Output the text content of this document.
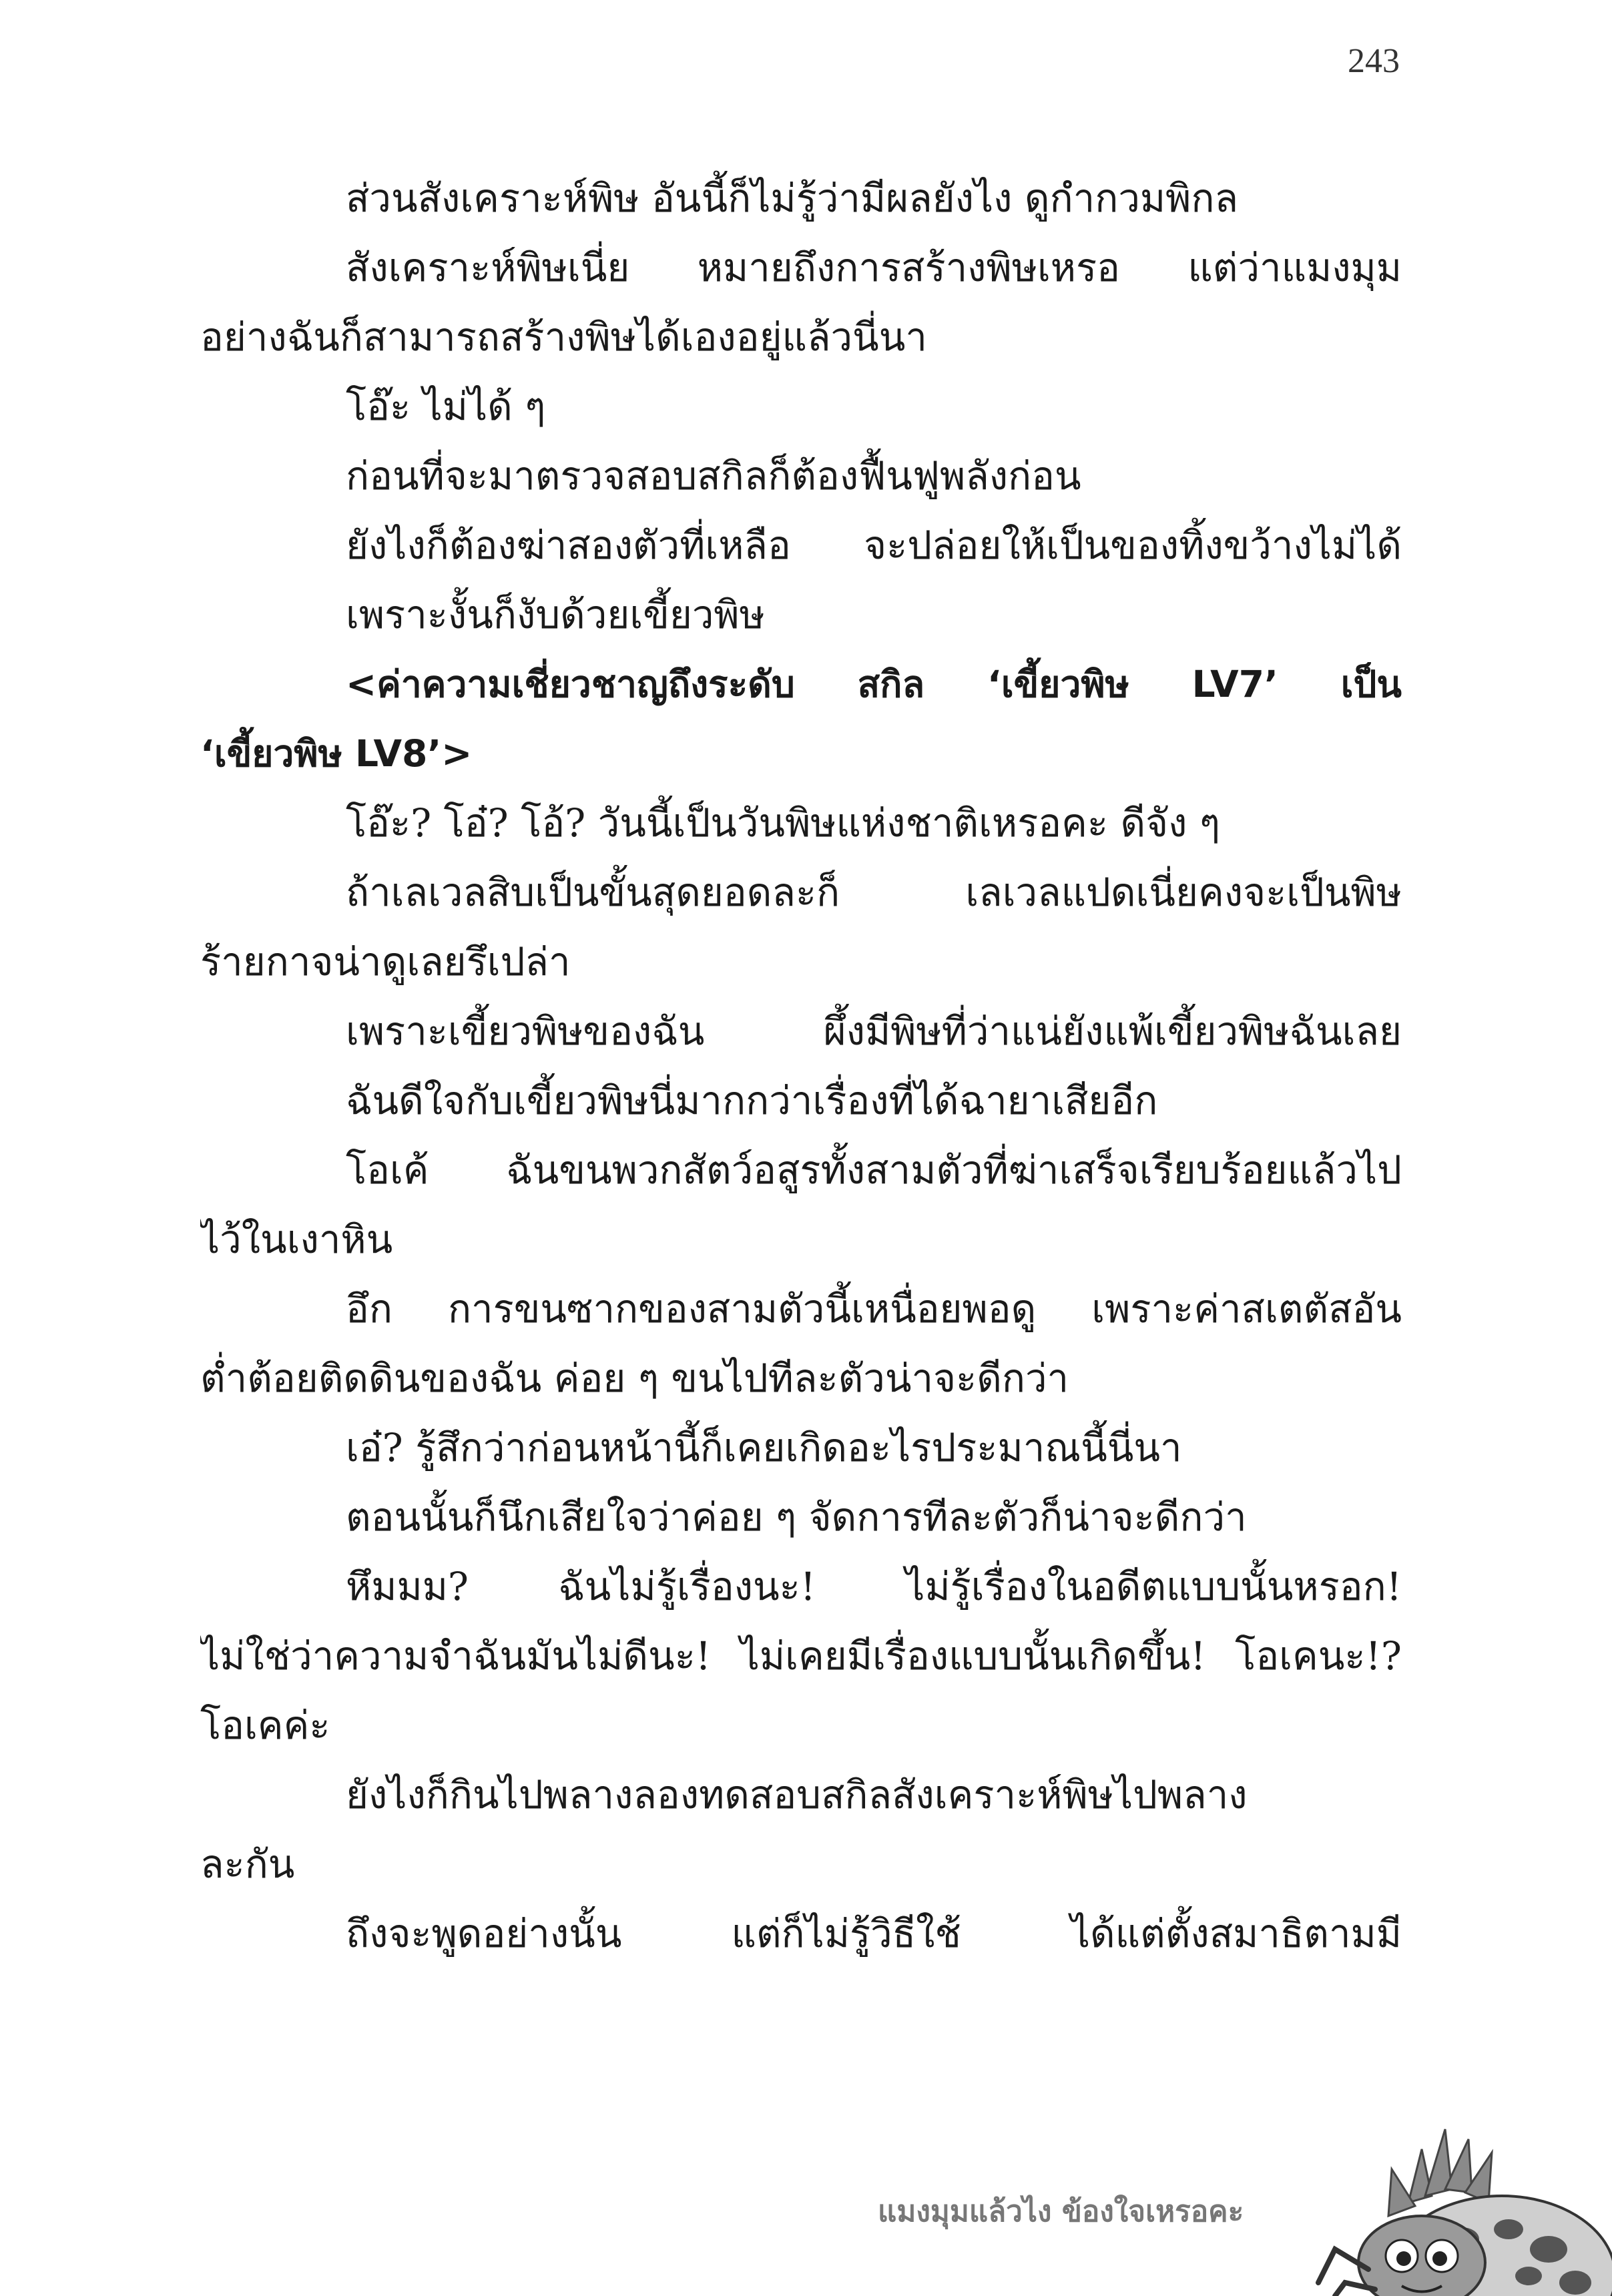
243
ส่วนสังเคราะห์พิษ อันนี้ก็ไม่รู้ว่ามีผลยังไง ดูกำกวมพิกล
สังเคราะห์พิษเนี่ย หมายถึงการสร้างพิษเหรอ แต่ว่าแมงมุม
อย่างฉันก็สามารถสร้างพิษได้เองอยู่แล้วนี่นา
โอ๊ะ ไม่ได้ ๆ
ก่อนที่จะมาตรวจสอบสกิลก็ต้องฟื้นฟูพลังก่อน
ยังไงก็ต้องฆ่าสองตัวที่เหลือ จะปล่อยให้เป็นของทิ้งขว้างไม่ได้
เพราะงั้นก็งับด้วยเขี้ยวพิษ
<ค่าความเชี่ยวชาญถึงระดับ สกิล ‘เขี้ยวพิษ LV7’ เป็น
‘เขี้ยวพิษ LV8’>
โอ๊ะ? โอ๋? โอ้? วันนี้เป็นวันพิษแห่งชาติเหรอคะ ดีจัง ๆ
ถ้าเลเวลสิบเป็นขั้นสุดยอดละก็ เลเวลแปดเนี่ยคงจะเป็นพิษ
ร้ายกาจน่าดูเลยรึเปล่า
เพราะเขี้ยวพิษของฉัน ผึ้งมีพิษที่ว่าแน่ยังแพ้เขี้ยวพิษฉันเลย
ฉันดีใจกับเขี้ยวพิษนี่มากกว่าเรื่องที่ได้ฉายาเสียอีก
โอเค้ ฉันขนพวกสัตว์อสูรทั้งสามตัวที่ฆ่าเสร็จเรียบร้อยแล้วไป
ไว้ในเงาหิน
อึก การขนซากของสามตัวนี้เหนื่อยพอดู เพราะค่าสเตตัสอัน
ต่ำต้อยติดดินของฉัน ค่อย ๆ ขนไปทีละตัวน่าจะดีกว่า
เอ๋? รู้สึกว่าก่อนหน้านี้ก็เคยเกิดอะไรประมาณนี้นี่นา
ตอนนั้นก็นึกเสียใจว่าค่อย ๆ จัดการทีละตัวก็น่าจะดีกว่า
หึมมม? ฉันไม่รู้เรื่องนะ! ไม่รู้เรื่องในอดีตแบบนั้นหรอก!
ไม่ใช่ว่าความจำฉันมันไม่ดีนะ! ไม่เคยมีเรื่องแบบนั้นเกิดขึ้น! โอเคนะ!?
โอเคค่ะ
ยังไงก็กินไปพลางลองทดสอบสกิลสังเคราะห์พิษไปพลาง
ละกัน
ถึงจะพูดอย่างนั้น แต่ก็ไม่รู้วิธีใช้ ได้แต่ตั้งสมาธิตามมี
แมงมุมแล้วไง ข้องใจเหรอคะ
